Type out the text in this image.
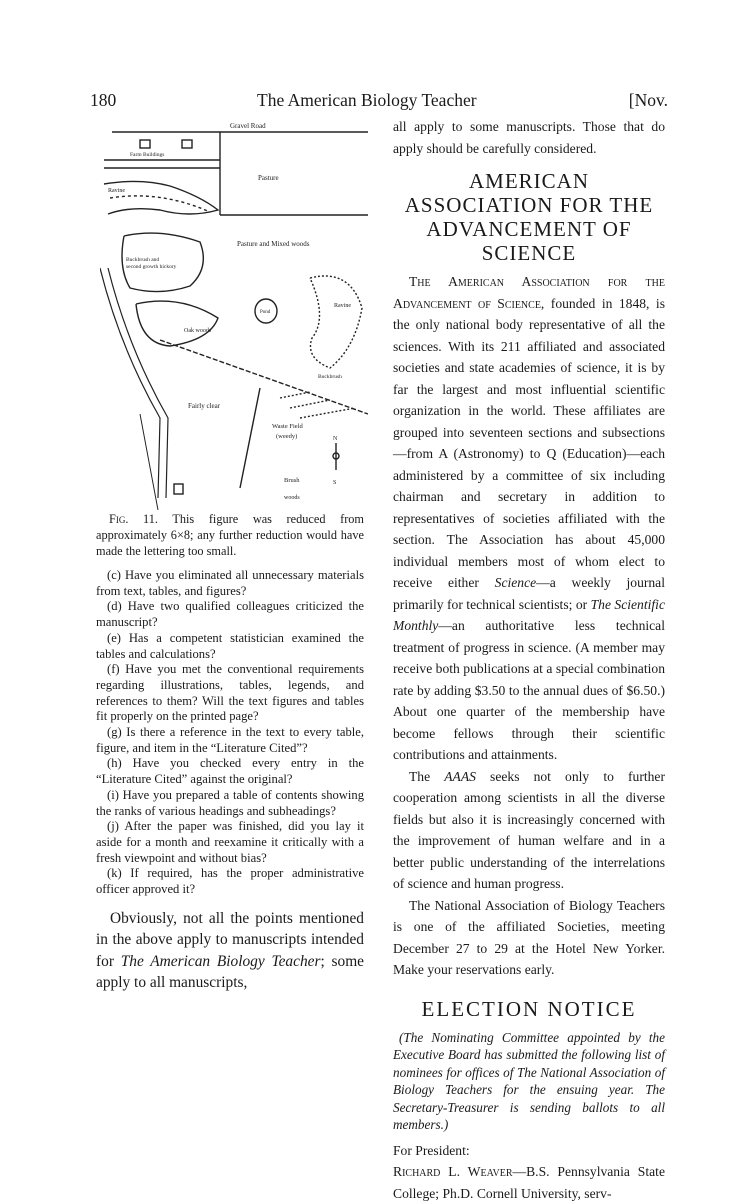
180	The American Biology Teacher	[Nov.
Gravel Road
Farm Buildings
Pasture
Ravine
Pasture and Mixed woods
Buckbrush and
second growth hickory
Pond
Ravine
Oak woods
Buckbrush
Fairly clear
Waste Field
(weedy)	N
S
Brush
woods
Fig. 11. This figure was reduced from approximately 6×8; any further reduction would have made the lettering too small.

(c) Have you eliminated all unnecessary materials from text, tables, and figures?

(d) Have two qualified colleagues criticized the manuscript?

(e) Has a competent statistician examined the tables and calculations?

(f) Have you met the conventional requirements regarding illustrations, tables, legends, and references to them? Will the text figures and tables fit properly on the printed page?

(g) Is there a reference in the text to every table, figure, and item in the “Literature Cited”?

(h) Have you checked every entry in the “Literature Cited” against the original?

(i) Have you prepared a table of contents showing the ranks of various headings and subheadings?

(j) After the paper was finished, did you lay it aside for a month and reexamine it critically with a fresh viewpoint and without bias?

(k) If required, has the proper administrative officer approved it?

Obviously, not all the points mentioned in the above apply to manuscripts intended for The American Biology Teacher; some apply to all manuscripts,

all apply to some manuscripts. Those that do apply should be carefully considered.

AMERICAN ASSOCIATION FOR THE ADVANCEMENT OF SCIENCE

The American Association for the Advancement of Science, founded in 1848, is the only national body representative of all the sciences. With its 211 affiliated and associated societies and state academies of science, it is by far the largest and most influential scientific organization in the world. These affiliates are grouped into seventeen sections and subsections—from A (Astronomy) to Q (Education)—each administered by a committee of six including chairman and secretary in addition to representatives of societies affiliated with the section. The Association has about 45,000 individual members most of whom elect to receive either Science—a weekly journal primarily for technical scientists; or The Scientific Monthly—an authoritative less technical treatment of progress in science. (A member may receive both publications at a special combination rate by adding $3.50 to the annual dues of $6.50.) About one quarter of the membership have become fellows through their scientific contributions and attainments.

The AAAS seeks not only to further cooperation among scientists in all the diverse fields but also it is increasingly concerned with the improvement of human welfare and in a better public understanding of the interrelations of science and human progress.

The National Association of Biology Teachers is one of the affiliated Societies, meeting December 27 to 29 at the Hotel New Yorker. Make your reservations early.

ELECTION NOTICE

(The Nominating Committee appointed by the Executive Board has submitted the following list of nominees for offices of The National Association of Biology Teachers for the ensuing year. The Secretary-Treasurer is sending ballots to all members.)

For President:

Richard L. Weaver—B.S. Pennsylvania State College; Ph.D. Cornell University, serv-
